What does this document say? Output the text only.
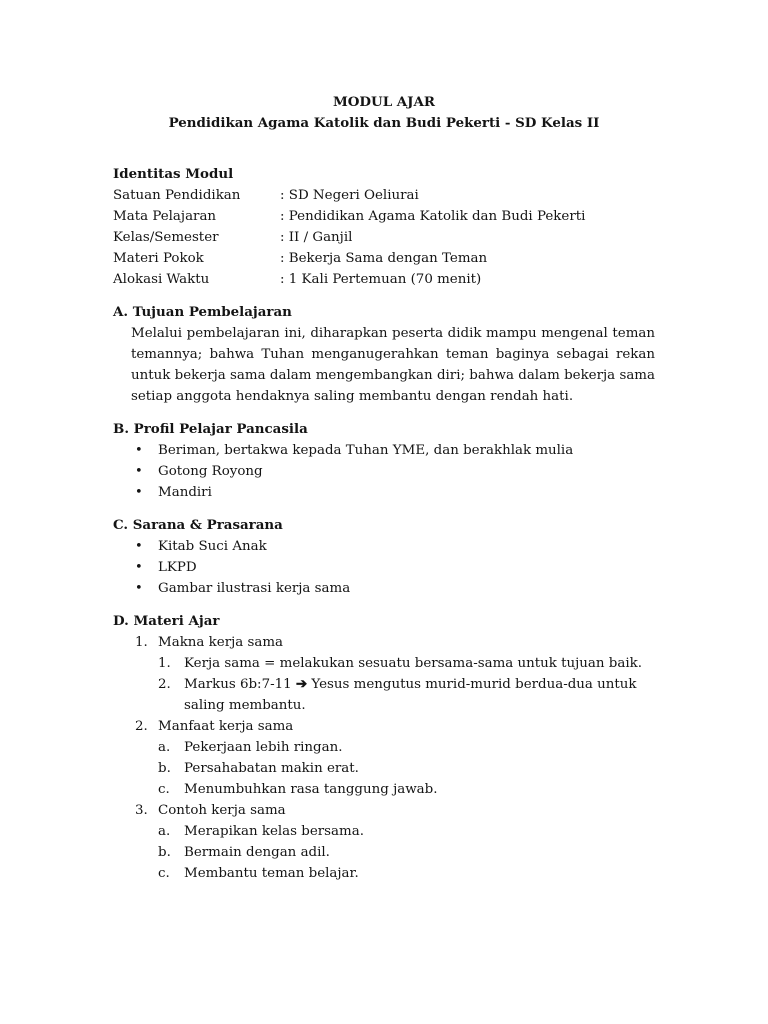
MODUL AJAR
Pendidikan Agama Katolik dan Budi Pekerti - SD Kelas II
Identitas Modul
Satuan Pendidikan	: SD Negeri Oeliurai
Mata Pelajaran	: Pendidikan Agama Katolik dan Budi Pekerti
Kelas/Semester	: II / Ganjil
Materi Pokok	: Bekerja Sama dengan Teman
Alokasi Waktu	: 1 Kali Pertemuan (70 menit)
A. Tujuan Pembelajaran
Melalui pembelajaran ini, diharapkan peserta didik mampu mengenal teman temannya; bahwa Tuhan menganugerahkan teman baginya sebagai rekan untuk bekerja sama dalam mengembangkan diri; bahwa dalam bekerja sama setiap anggota hendaknya saling membantu dengan rendah hati.
B. Profil Pelajar Pancasila
• Beriman, bertakwa kepada Tuhan YME, dan berakhlak mulia
• Gotong Royong
• Mandiri
C. Sarana & Prasarana
• Kitab Suci Anak
• LKPD
• Gambar ilustrasi kerja sama
D. Materi Ajar
1. Makna kerja sama
1. Kerja sama = melakukan sesuatu bersama-sama untuk tujuan baik.
2. Markus 6b:7-11 ➔ Yesus mengutus murid-murid berdua-dua untuk saling membantu.
2. Manfaat kerja sama
a. Pekerjaan lebih ringan.
b. Persahabatan makin erat.
c. Menumbuhkan rasa tanggung jawab.
3. Contoh kerja sama
a. Merapikan kelas bersama.
b. Bermain dengan adil.
c. Membantu teman belajar.
